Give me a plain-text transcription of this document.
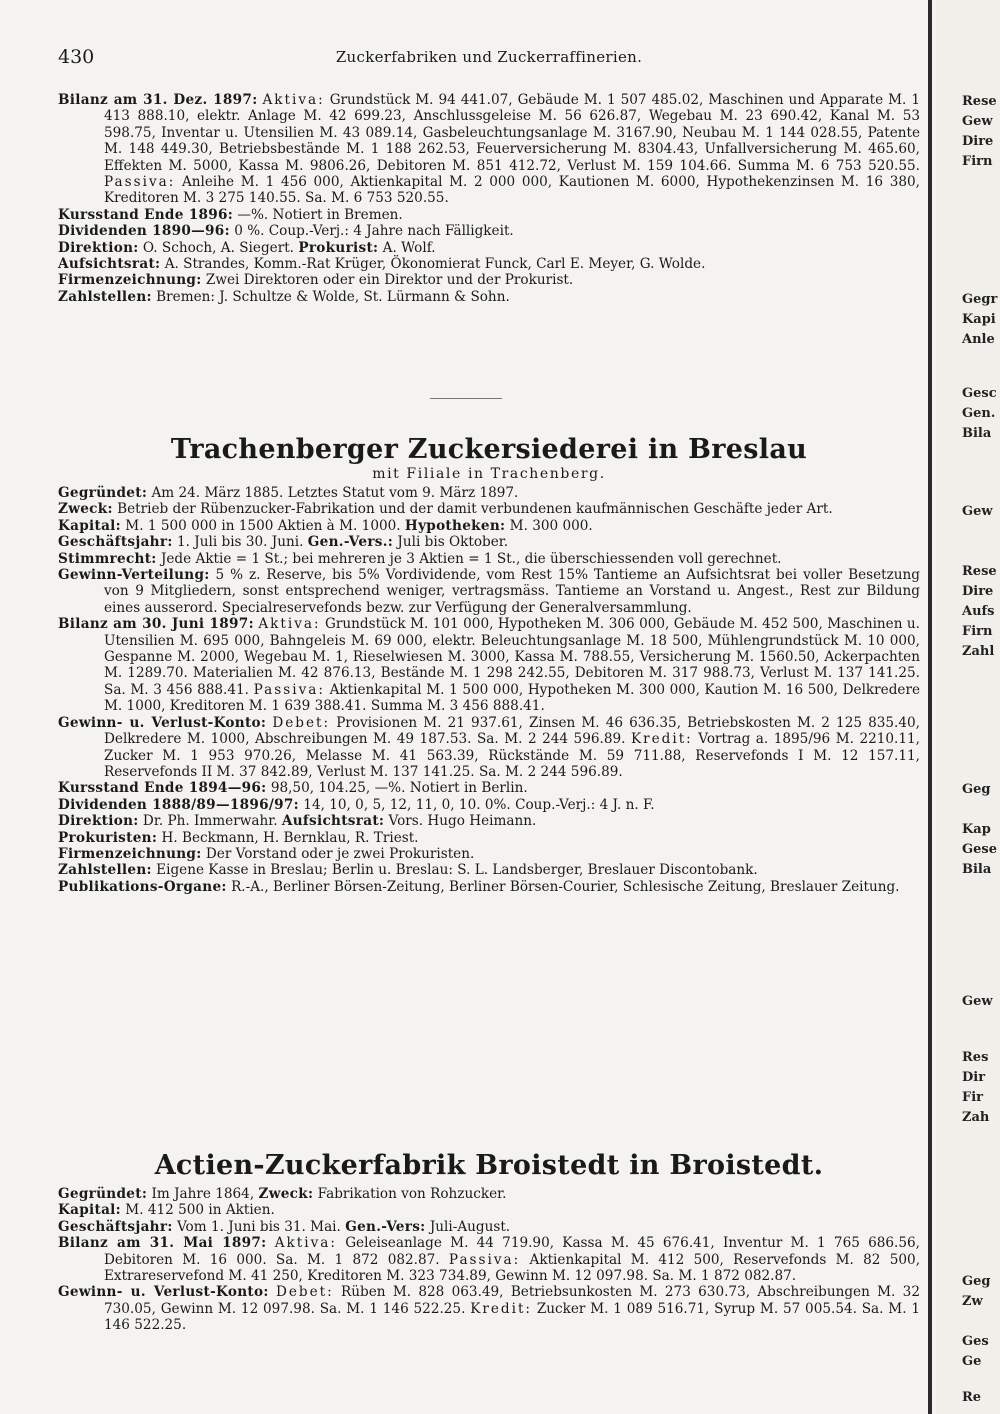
430	Zuckerfabriken und Zuckerraffinerien.

Bilanz am 31. Dez. 1897: Aktiva: Grundstück M. 94 441.07, Gebäude M. 1 507 485.02, Maschinen und Apparate M. 1 413 888.10, elektr. Anlage M. 42 699.23, Anschlussgeleise M. 56 626.87, Wegebau M. 23 690.42, Kanal M. 53 598.75, Inventar u. Utensilien M. 43 089.14, Gasbeleuchtungsanlage M. 3167.90, Neubau M. 1 144 028.55, Patente M. 148 449.30, Betriebsbestände M. 1 188 262.53, Feuerversicherung M. 8304.43, Unfallversicherung M. 465.60, Effekten M. 5000, Kassa M. 9806.26, Debitoren M. 851 412.72, Verlust M. 159 104.66. Summa M. 6 753 520.55. Passiva: Anleihe M. 1 456 000, Aktienkapital M. 2 000 000, Kautionen M. 6000, Hypothekenzinsen M. 16 380, Kreditoren M. 3 275 140.55. Sa. M. 6 753 520.55.

Kursstand Ende 1896: —%. Notiert in Bremen.

Dividenden 1890—96: 0 %. Coup.-Verj.: 4 Jahre nach Fälligkeit.

Direktion: O. Schoch, A. Siegert. Prokurist: A. Wolf.

Aufsichtsrat: A. Strandes, Komm.-Rat Krüger, Ökonomierat Funck, Carl E. Meyer, G. Wolde.

Firmenzeichnung: Zwei Direktoren oder ein Direktor und der Prokurist.

Zahlstellen: Bremen: J. Schultze & Wolde, St. Lürmann & Sohn.

Trachenberger Zuckersiederei in Breslau
mit Filiale in Trachenberg.

Gegründet: Am 24. März 1885. Letztes Statut vom 9. März 1897.

Zweck: Betrieb der Rübenzucker-Fabrikation und der damit verbundenen kaufmännischen Geschäfte jeder Art.

Kapital: M. 1 500 000 in 1500 Aktien à M. 1000. Hypotheken: M. 300 000.

Geschäftsjahr: 1. Juli bis 30. Juni. Gen.-Vers.: Juli bis Oktober.

Stimmrecht: Jede Aktie = 1 St.; bei mehreren je 3 Aktien = 1 St., die überschiessenden voll gerechnet.

Gewinn-Verteilung: 5 % z. Reserve, bis 5% Vordividende, vom Rest 15% Tantieme an Aufsichtsrat bei voller Besetzung von 9 Mitgliedern, sonst entsprechend weniger, vertragsmäss. Tantieme an Vorstand u. Angest., Rest zur Bildung eines ausserord. Specialreservefonds bezw. zur Verfügung der Generalversammlung.

Bilanz am 30. Juni 1897: Aktiva: Grundstück M. 101 000, Hypotheken M. 306 000, Gebäude M. 452 500, Maschinen u. Utensilien M. 695 000, Bahngeleis M. 69 000, elektr. Beleuchtungsanlage M. 18 500, Mühlengrundstück M. 10 000, Gespanne M. 2000, Wegebau M. 1, Rieselwiesen M. 3000, Kassa M. 788.55, Versicherung M. 1560.50, Ackerpachten M. 1289.70. Materialien M. 42 876.13, Bestände M. 1 298 242.55, Debitoren M. 317 988.73, Verlust M. 137 141.25. Sa. M. 3 456 888.41. Passiva: Aktienkapital M. 1 500 000, Hypotheken M. 300 000, Kaution M. 16 500, Delkredere M. 1000, Kreditoren M. 1 639 388.41. Summa M. 3 456 888.41.

Gewinn- u. Verlust-Konto: Debet: Provisionen M. 21 937.61, Zinsen M. 46 636.35, Betriebskosten M. 2 125 835.40, Delkredere M. 1000, Abschreibungen M. 49 187.53. Sa. M. 2 244 596.89. Kredit: Vortrag a. 1895/96 M. 2210.11, Zucker M. 1 953 970.26, Melasse M. 41 563.39, Rückstände M. 59 711.88, Reservefonds I M. 12 157.11, Reservefonds II M. 37 842.89, Verlust M. 137 141.25. Sa. M. 2 244 596.89.

Kursstand Ende 1894—96: 98,50, 104.25, —%. Notiert in Berlin.

Dividenden 1888/89—1896/97: 14, 10, 0, 5, 12, 11, 0, 10. 0%. Coup.-Verj.: 4 J. n. F.

Direktion: Dr. Ph. Immerwahr. Aufsichtsrat: Vors. Hugo Heimann.

Prokuristen: H. Beckmann, H. Bernklau, R. Triest.

Firmenzeichnung: Der Vorstand oder je zwei Prokuristen.

Zahlstellen: Eigene Kasse in Breslau; Berlin u. Breslau: S. L. Landsberger, Breslauer Discontobank.

Publikations-Organe: R.-A., Berliner Börsen-Zeitung, Berliner Börsen-Courier, Schlesische Zeitung, Breslauer Zeitung.

Actien-Zuckerfabrik Broistedt in Broistedt.

Gegründet: Im Jahre 1864, Zweck: Fabrikation von Rohzucker.

Kapital: M. 412 500 in Aktien.

Geschäftsjahr: Vom 1. Juni bis 31. Mai. Gen.-Vers: Juli-August.

Bilanz am 31. Mai 1897: Aktiva: Geleiseanlage M. 44 719.90, Kassa M. 45 676.41, Inventur M. 1 765 686.56, Debitoren M. 16 000. Sa. M. 1 872 082.87. Passiva: Aktienkapital M. 412 500, Reservefonds M. 82 500, Extrareservefond M. 41 250, Kreditoren M. 323 734.89, Gewinn M. 12 097.98. Sa. M. 1 872 082.87.

Gewinn- u. Verlust-Konto: Debet: Rüben M. 828 063.49, Betriebsunkosten M. 273 630.73, Abschreibungen M. 32 730.05, Gewinn M. 12 097.98. Sa. M. 1 146 522.25. Kredit: Zucker M. 1 089 516.71, Syrup M. 57 005.54. Sa. M. 1 146 522.25.

Rese
Gew
Dire
Firn
Gegr
Kapi
Anle
Gesc
Gen.
Bila
Gew
Rese
Dire
Aufs
Firn
Zahl
Geg
Kap
Gese
Bila
Gew
Res
Dir
Fir
Zah
Geg
Zw
Ges
Ge
Re
